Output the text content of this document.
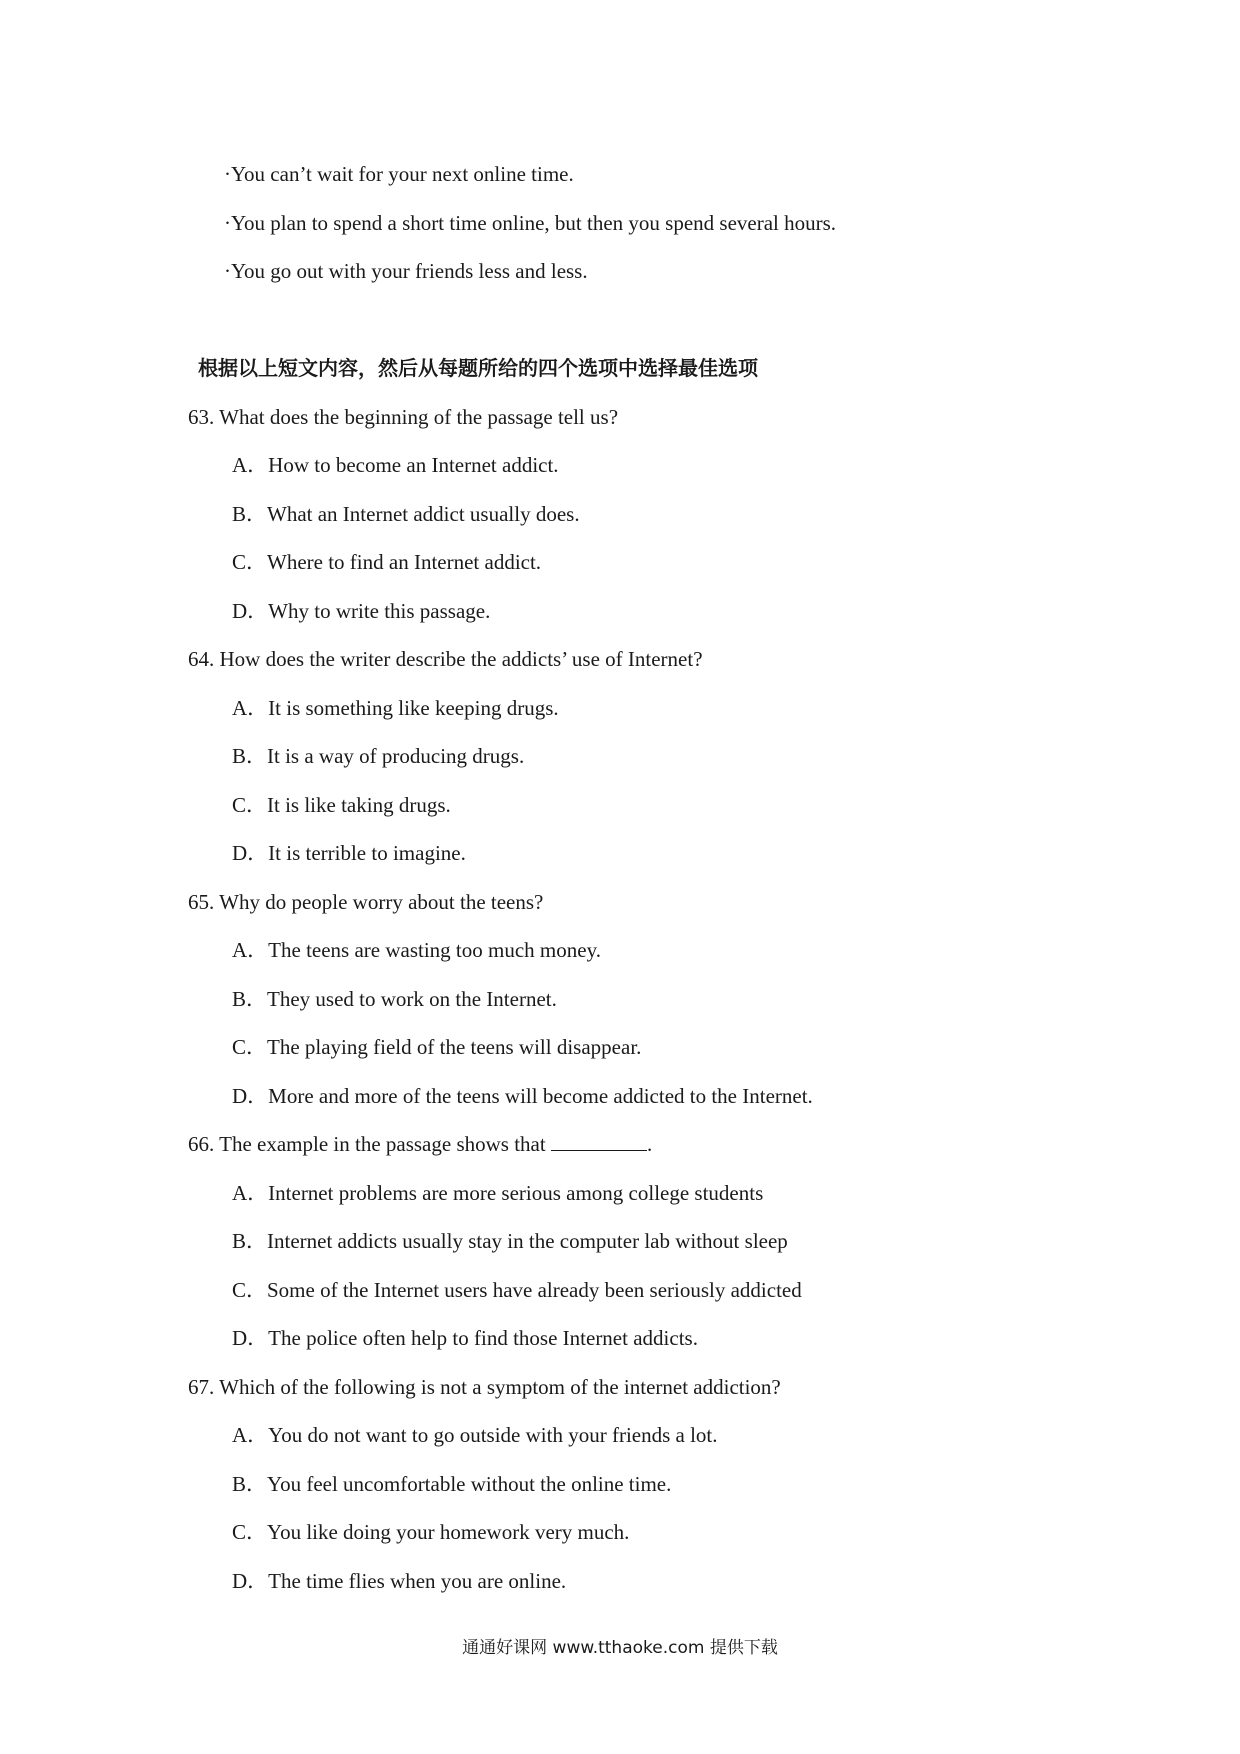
·You can’t wait for your next online time.
·You plan to spend a short time online, but then you spend several hours.
·You go out with your friends less and less.
根据以上短文内容，然后从每题所给的四个选项中选择最佳选项
63. What does the beginning of the passage tell us?
A．How to become an Internet addict.
B．What an Internet addict usually does.
C．Where to find an Internet addict.
D．Why to write this passage.
64. How does the writer describe the addicts’ use of Internet?
A．It is something like keeping drugs.
B．It is a way of producing drugs.
C．It is like taking drugs.
D．It is terrible to imagine.
65. Why do people worry about the teens?
A．The teens are wasting too much money.
B．They used to work on the Internet.
C．The playing field of the teens will disappear.
D．More and more of the teens will become addicted to the Internet.
66. The example in the passage shows that	.
A．Internet problems are more serious among college students
B．Internet addicts usually stay in the computer lab without sleep
C．Some of the Internet users have already been seriously addicted
D．The police often help to find those Internet addicts.
67. Which of the following is not a symptom of the internet addiction?
A．You do not want to go outside with your friends a lot.
B．You feel uncomfortable without the online time.
C．You like doing your homework very much.
D．The time flies when you are online.
通通好课网 www.tthaoke.com 提供下载
